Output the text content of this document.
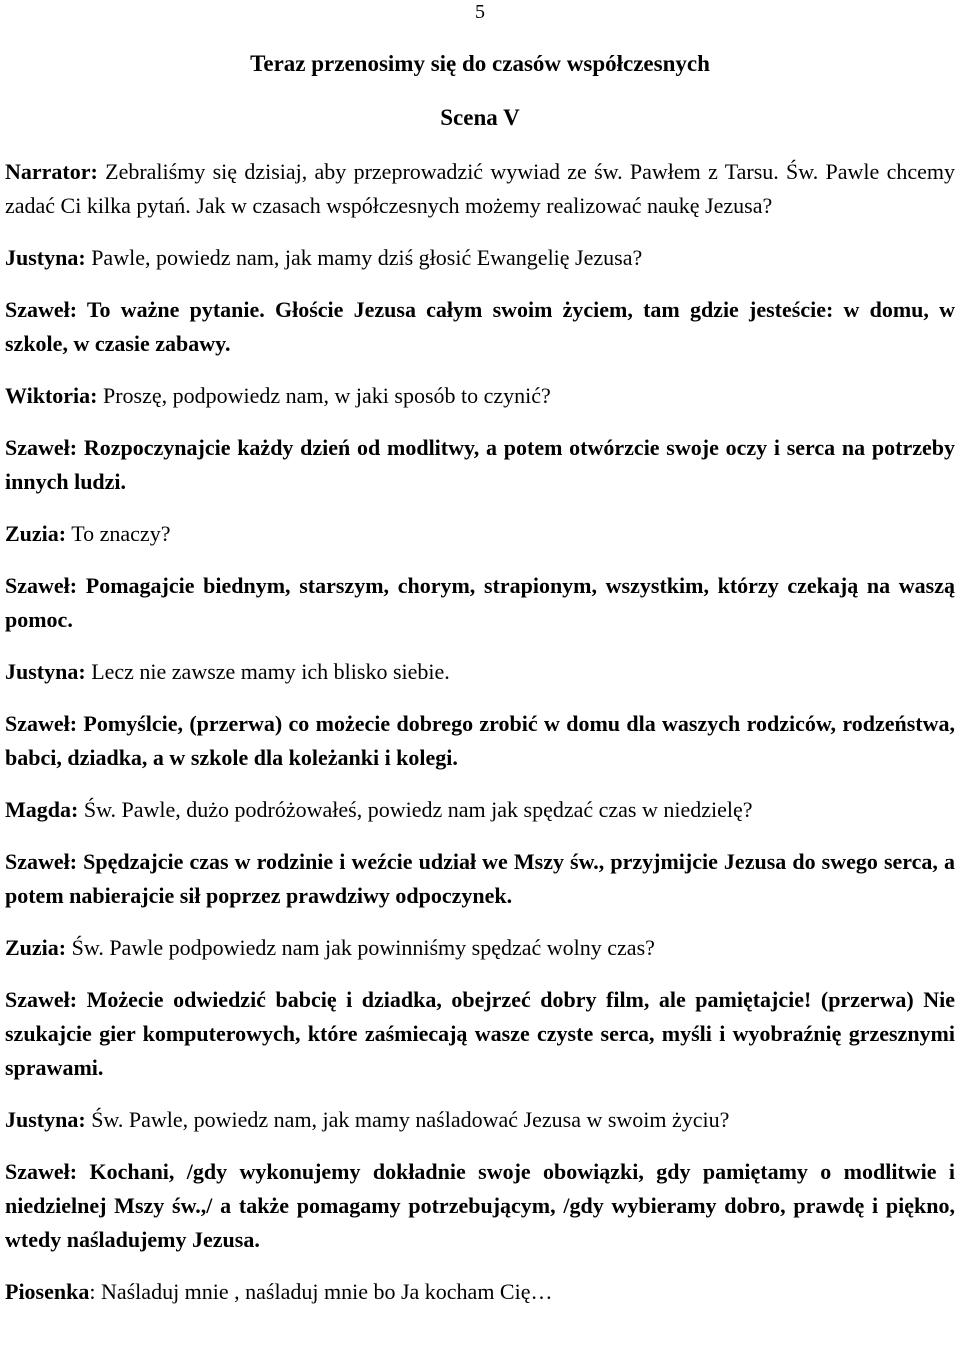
5
Teraz przenosimy się do czasów współczesnych
Scena V

Narrator: Zebraliśmy się dzisiaj, aby przeprowadzić wywiad ze św. Pawłem z Tarsu. Św. Pawle chcemy zadać Ci kilka pytań. Jak w czasach współczesnych możemy realizować naukę Jezusa?

Justyna: Pawle, powiedz nam, jak mamy dziś głosić Ewangelię Jezusa?

Szaweł: To ważne pytanie. Głoście Jezusa całym swoim życiem, tam gdzie jesteście: w domu, w szkole, w czasie zabawy.

Wiktoria: Proszę, podpowiedz nam, w jaki sposób to czynić?

Szaweł: Rozpoczynajcie każdy dzień od modlitwy, a potem otwórzcie swoje oczy i serca na potrzeby innych ludzi.

Zuzia: To znaczy?

Szaweł: Pomagajcie biednym, starszym, chorym, strapionym, wszystkim, którzy czekają na waszą pomoc.

Justyna: Lecz nie zawsze mamy ich blisko siebie.

Szaweł: Pomyślcie, (przerwa) co możecie dobrego zrobić w domu dla waszych rodziców, rodzeństwa, babci, dziadka, a w szkole dla koleżanki i kolegi.

Magda: Św. Pawle, dużo podróżowałeś, powiedz nam jak spędzać czas w niedzielę?

Szaweł: Spędzajcie czas w rodzinie i weźcie udział we Mszy św., przyjmijcie Jezusa do swego serca, a potem nabierajcie sił poprzez prawdziwy odpoczynek.

Zuzia: Św. Pawle podpowiedz nam jak powinniśmy spędzać wolny czas?

Szaweł: Możecie odwiedzić babcię i dziadka, obejrzeć dobry film, ale pamiętajcie! (przerwa) Nie szukajcie gier komputerowych, które zaśmiecają wasze czyste serca, myśli i wyobraźnię grzesznymi sprawami.

Justyna: Św. Pawle, powiedz nam, jak mamy naśladować Jezusa w swoim życiu?

Szaweł: Kochani, /gdy wykonujemy dokładnie swoje obowiązki, gdy pamiętamy o modlitwie i niedzielnej Mszy św.,/ a także pomagamy potrzebującym, /gdy wybieramy dobro, prawdę i piękno, wtedy naśladujemy Jezusa.

Piosenka: Naśladuj mnie , naśladuj mnie bo Ja kocham Cię…
